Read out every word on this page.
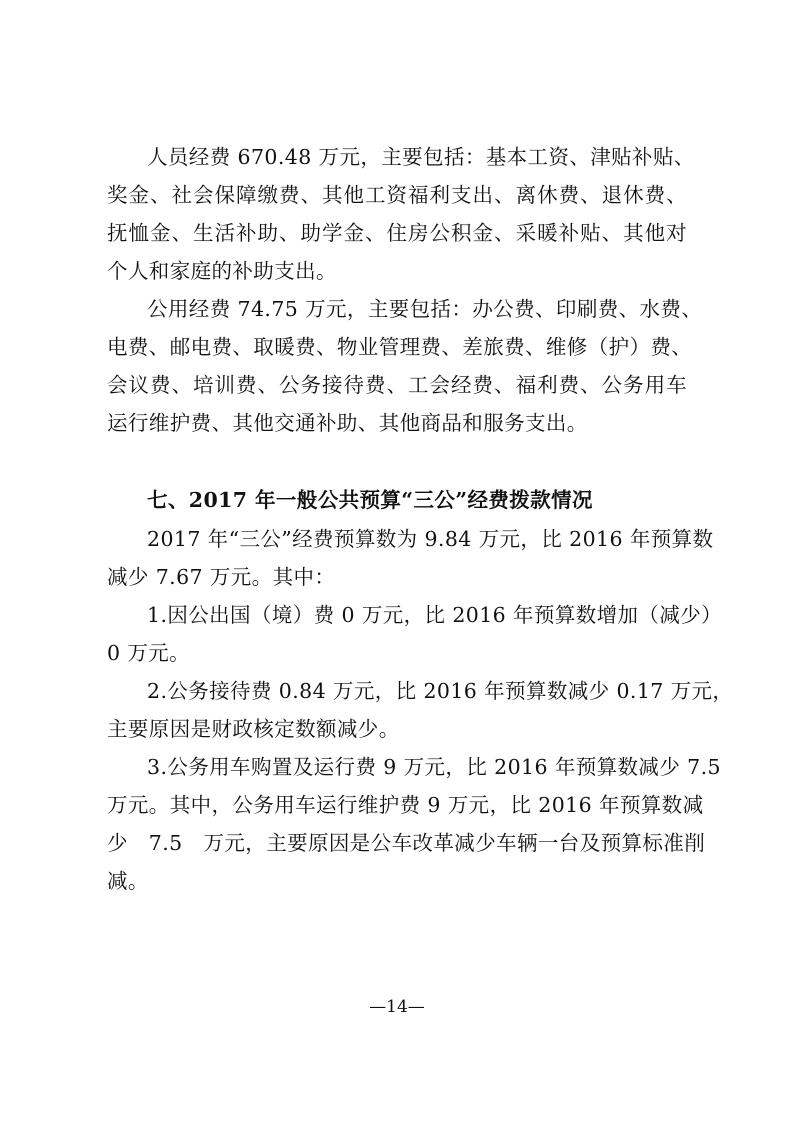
人员经费 670.48 万元，主要包括：基本工资、津贴补贴、
奖金、社会保障缴费、其他工资福利支出、离休费、退休费、
抚恤金、生活补助、助学金、住房公积金、采暖补贴、其他对
个人和家庭的补助支出。
公用经费 74.75 万元，主要包括：办公费、印刷费、水费、
电费、邮电费、取暖费、物业管理费、差旅费、维修（护）费、
会议费、培训费、公务接待费、工会经费、福利费、公务用车
运行维护费、其他交通补助、其他商品和服务支出。
七、2017 年一般公共预算“三公”经费拨款情况
2017 年“三公”经费预算数为 9.84 万元，比 2016 年预算数
减少 7.67 万元。其中：
1.因公出国（境）费 0 万元，比 2016 年预算数增加（减少）
0 万元。
2.公务接待费 0.84 万元，比 2016 年预算数减少 0.17 万元，
主要原因是财政核定数额减少。
3.公务用车购置及运行费 9 万元，比 2016 年预算数减少 7.5
万元。其中，公务用车运行维护费 9 万元，比 2016 年预算数减
少　7.5　万元，主要原因是公车改革减少车辆一台及预算标准削
减。
—14—
